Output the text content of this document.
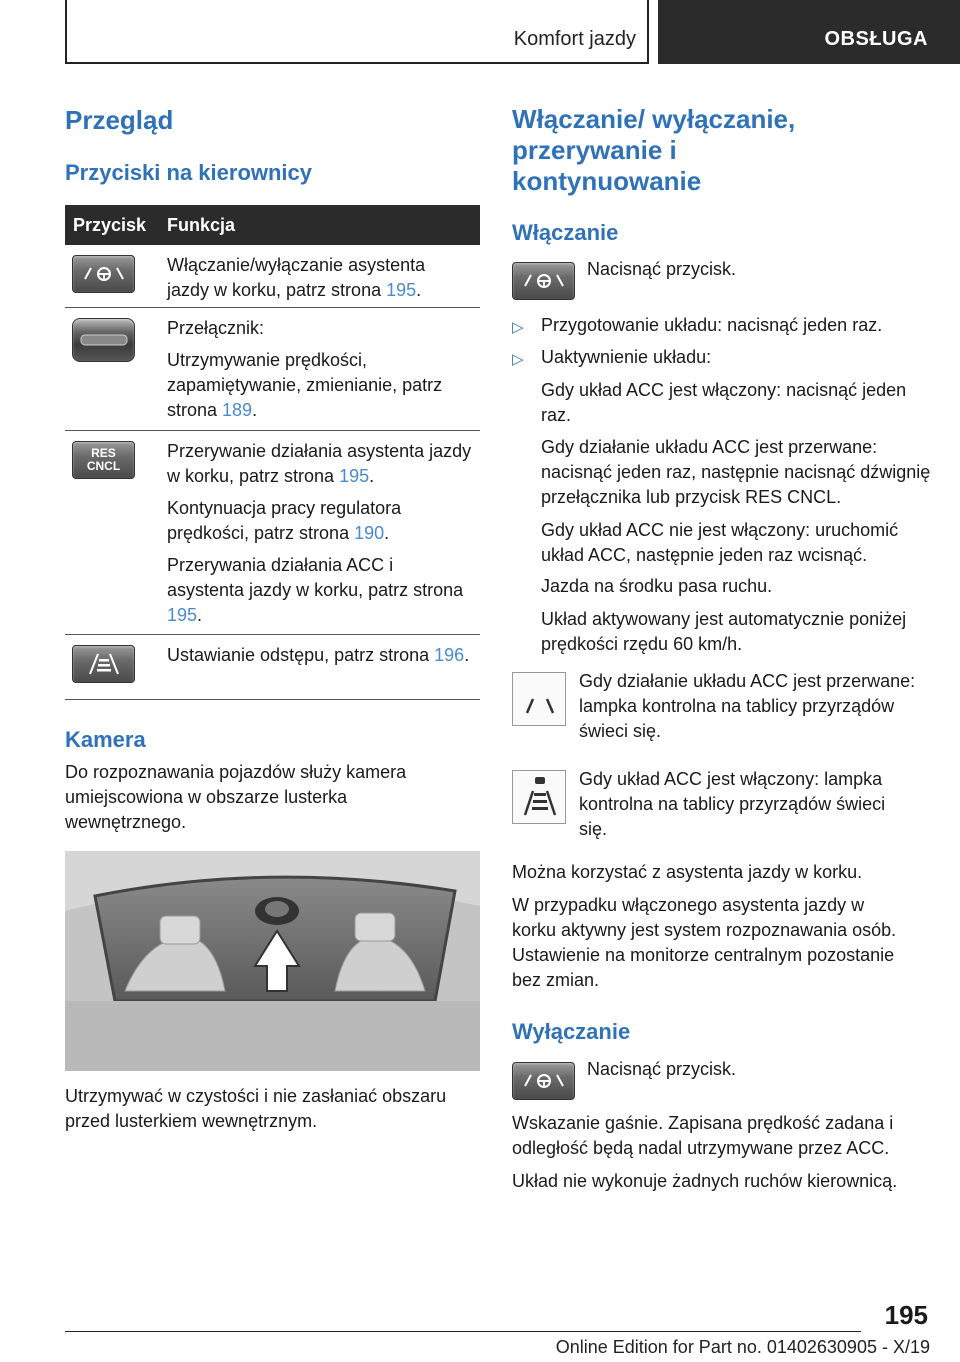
Komfort jazdy	OBSŁUGA
Przegląd
Przyciski na kierownicy
Przycisk Funkcja

Włączanie/wyłączanie asystenta jazdy w korku, patrz strona 195.

Przełącznik:

Utrzymywanie prędkości, zapamiętywanie, zmienianie, patrz strona 189.

RES
CNCL

Przerywanie działania asystenta jazdy w korku, patrz strona 195.

Kontynuacja pracy regulatora prędkości, patrz strona 190.

Przerywania działania ACC i asystenta jazdy w korku, patrz strona 195.

Ustawianie odstępu, patrz strona 196.

Kamera
Do rozpoznawania pojazdów służy kamera umiejscowiona w obszarze lusterka wewnętrznego.
Utrzymywać w czystości i nie zasłaniać obszaru przed lusterkiem wewnętrznym.
Włączanie/ wyłączanie, przerywanie i kontynuowanie
Włączanie
Nacisnąć przycisk.
▷ Przygotowanie układu: nacisnąć jeden raz.
▷ Uaktywnienie układu:
Gdy układ ACC jest włączony: nacisnąć jeden raz.
Gdy działanie układu ACC jest przerwane: nacisnąć jeden raz, następnie nacisnąć dźwignię przełącznika lub przycisk RES CNCL.
Gdy układ ACC nie jest włączony: uruchomić układ ACC, następnie jeden raz wcisnąć.
Jazda na środku pasa ruchu.
Układ aktywowany jest automatycznie poniżej prędkości rzędu 60 km/h.
Gdy działanie układu ACC jest przerwane: lampka kontrolna na tablicy przyrządów świeci się.
Gdy układ ACC jest włączony: lampka kontrolna na tablicy przyrządów świeci się.
Można korzystać z asystenta jazdy w korku.
W przypadku włączonego asystenta jazdy w korku aktywny jest system rozpoznawania osób. Ustawienie na monitorze centralnym pozostanie bez zmian.
Wyłączanie
Nacisnąć przycisk.
Wskazanie gaśnie. Zapisana prędkość zadana i odległość będą nadal utrzymywane przez ACC.
Układ nie wykonuje żadnych ruchów kierownicą.
195
Online Edition for Part no. 01402630905 - X/19
